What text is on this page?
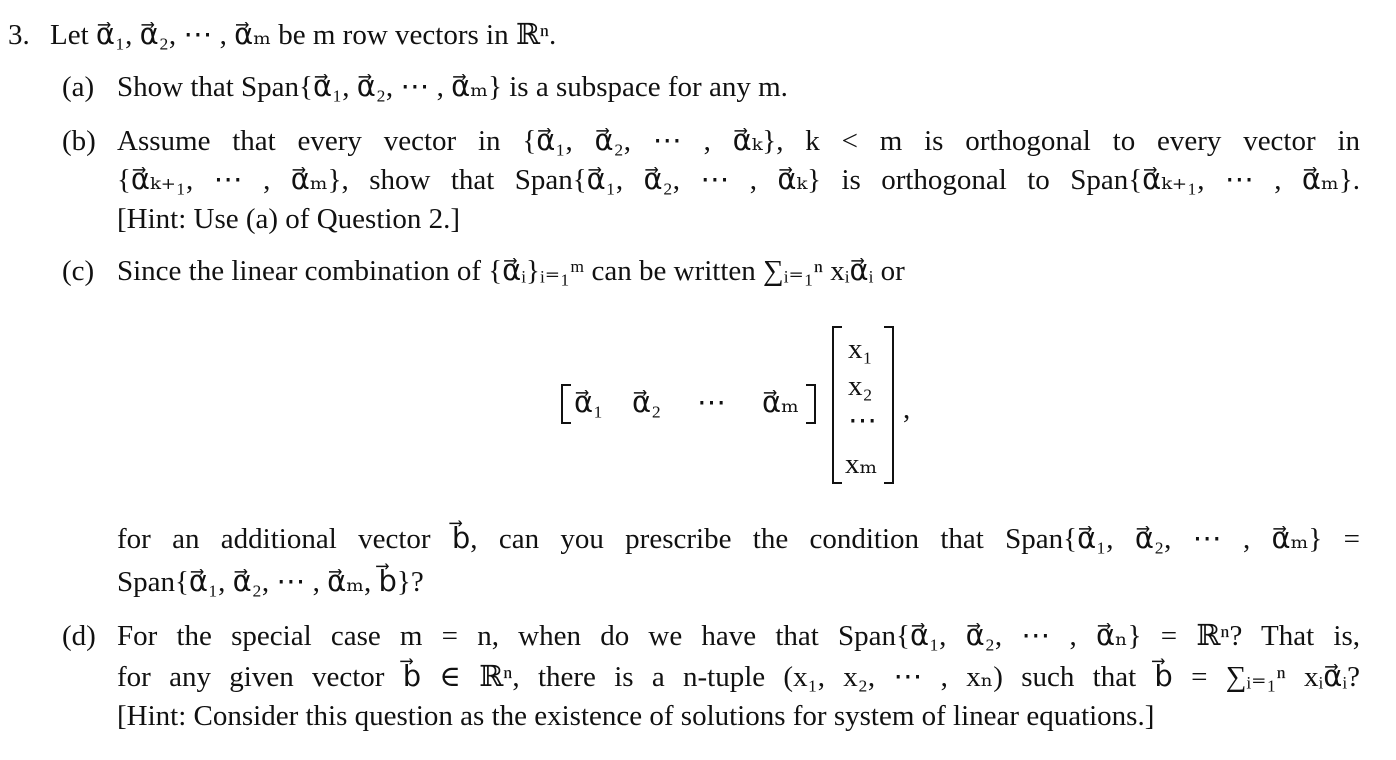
3. Let α⃗₁, α⃗₂, ⋯ , α⃗ₘ be m row vectors in ℝⁿ.
(a) Show that Span{α⃗₁, α⃗₂, ⋯ , α⃗ₘ} is a subspace for any m.
(b) Assume that every vector in {α⃗₁, α⃗₂, ⋯ , α⃗ₖ}, k < m is orthogonal to every vector in
{α⃗ₖ₊₁, ⋯ , α⃗ₘ}, show that Span{α⃗₁, α⃗₂, ⋯ , α⃗ₖ} is orthogonal to Span{α⃗ₖ₊₁, ⋯ , α⃗ₘ}.
[Hint: Use (a) of Question 2.]
(c) Since the linear combination of {α⃗ᵢ}ᵢ₌₁ᵐ can be written ∑ᵢ₌₁ⁿ xᵢα⃗ᵢ or
α⃗₁ α⃗₂ ⋯ α⃗ₘ
x₁
x₂
⋯
xₘ
,
for an additional vector b⃗, can you prescribe the condition that Span{α⃗₁, α⃗₂, ⋯ , α⃗ₘ} =
Span{α⃗₁, α⃗₂, ⋯ , α⃗ₘ, b⃗}?
(d) For the special case m = n, when do we have that Span{α⃗₁, α⃗₂, ⋯ , α⃗ₙ} = ℝⁿ? That is,
for any given vector b⃗ ∈ ℝⁿ, there is a n-tuple (x₁, x₂, ⋯ , xₙ) such that b⃗ = ∑ᵢ₌₁ⁿ xᵢα⃗ᵢ?
[Hint: Consider this question as the existence of solutions for system of linear equations.]
